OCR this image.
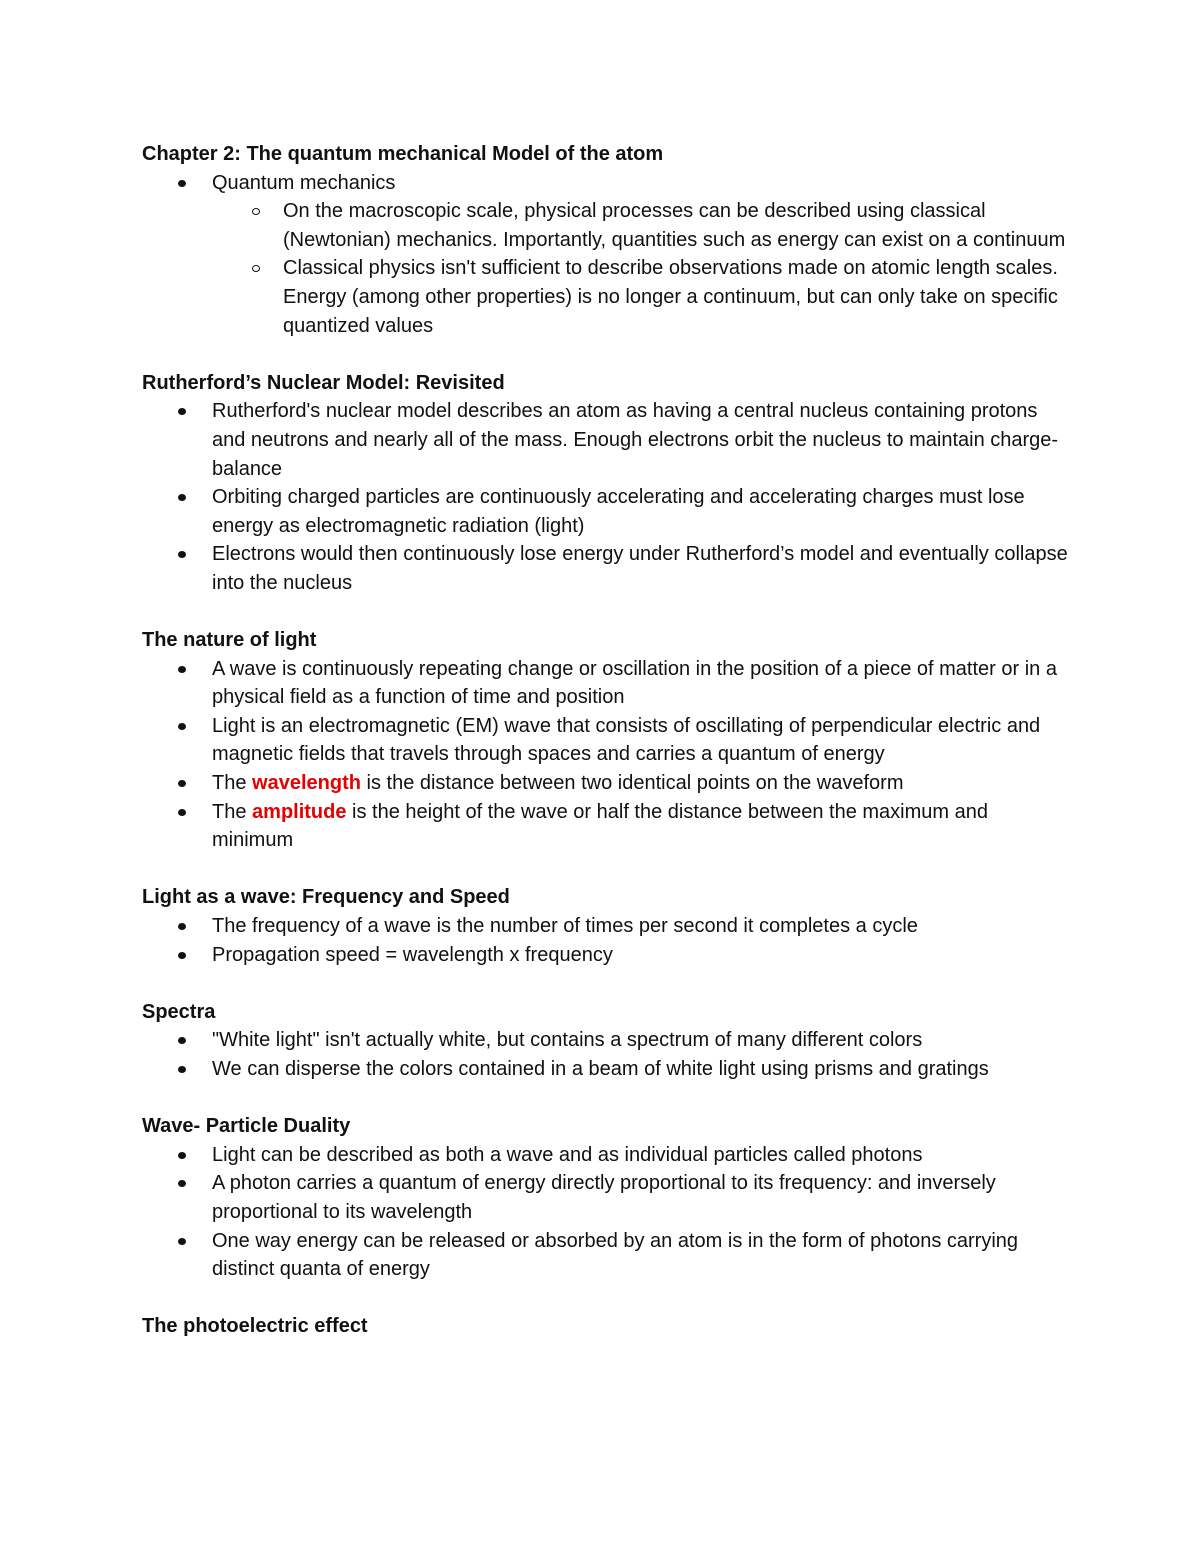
Chapter 2: The quantum mechanical Model of the atom

Quantum mechanics
On the macroscopic scale, physical processes can be described using classical (Newtonian) mechanics. Importantly, quantities such as energy can exist on a continuum
Classical physics isn't sufficient to describe observations made on atomic length scales. Energy (among other properties) is no longer a continuum, but can only take on specific quantized values

Rutherford’s Nuclear Model: Revisited

Rutherford's nuclear model describes an atom as having a central nucleus containing protons and neutrons and nearly all of the mass. Enough electrons orbit the nucleus to maintain charge-balance
Orbiting charged particles are continuously accelerating and accelerating charges must lose energy as electromagnetic radiation (light)
Electrons would then continuously lose energy under Rutherford’s model and eventually collapse into the nucleus

The nature of light

A wave is continuously repeating change or oscillation in the position of a piece of matter or in a physical field as a function of time and position
Light is an electromagnetic (EM) wave that consists of oscillating of perpendicular electric and magnetic fields that travels through spaces and carries a quantum of energy
The wavelength is the distance between two identical points on the waveform
The amplitude is the height of the wave or half the distance between the maximum and minimum

Light as a wave: Frequency and Speed

The frequency of a wave is the number of times per second it completes a cycle
Propagation speed = wavelength x frequency

Spectra

"White light" isn't actually white, but contains a spectrum of many different colors
We can disperse the colors contained in a beam of white light using prisms and gratings

Wave- Particle Duality

Light can be described as both a wave and as individual particles called photons
A photon carries a quantum of energy directly proportional to its frequency: and inversely proportional to its wavelength
One way energy can be released or absorbed by an atom is in the form of photons carrying distinct quanta of energy

The photoelectric effect
